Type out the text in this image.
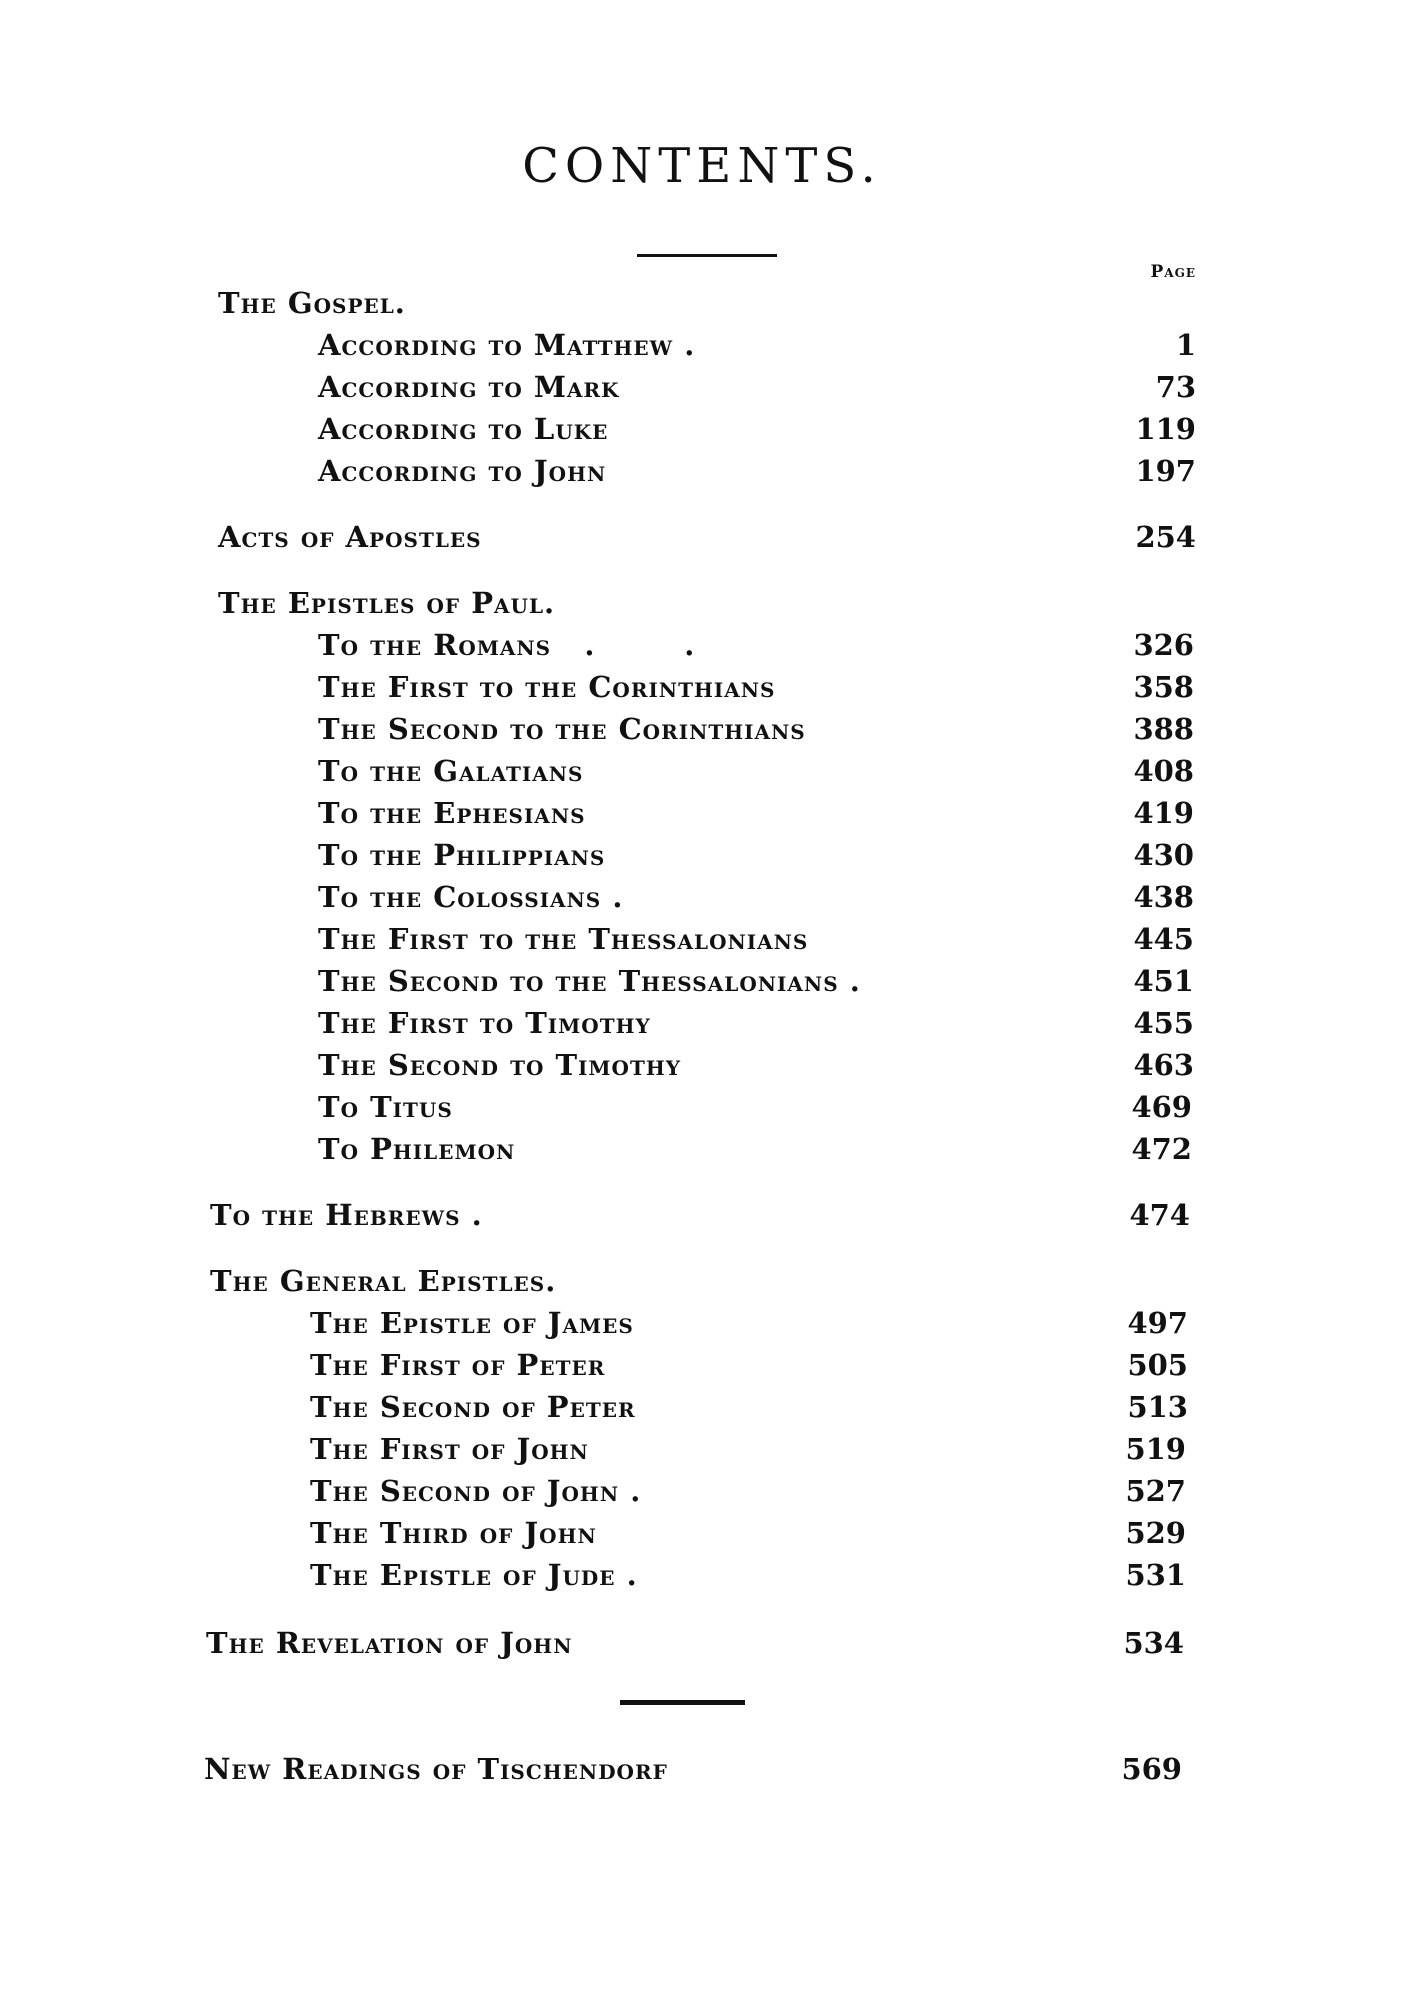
CONTENTS.
Page
The Gospel.
According to Matthew .	1
According to Mark	73
According to Luke	119
According to John	197
Acts of Apostles	254
The Epistles of Paul.
To the Romans   .        .	326
The First to the Corinthians	358
The Second to the Corinthians	388
To the Galatians	408
To the Ephesians	419
To the Philippians	430
To the Colossians .	438
The First to the Thessalonians	445
The Second to the Thessalonians .	451
The First to Timothy	455
The Second to Timothy	463
To Titus	469
To Philemon	472
To the Hebrews .	474
The General Epistles.
The Epistle of James	497
The First of Peter	505
The Second of Peter	513
The First of John	519
The Second of John .	527
The Third of John	529
The Epistle of Jude .	531
The Revelation of John	534
New Readings of Tischendorf	569
